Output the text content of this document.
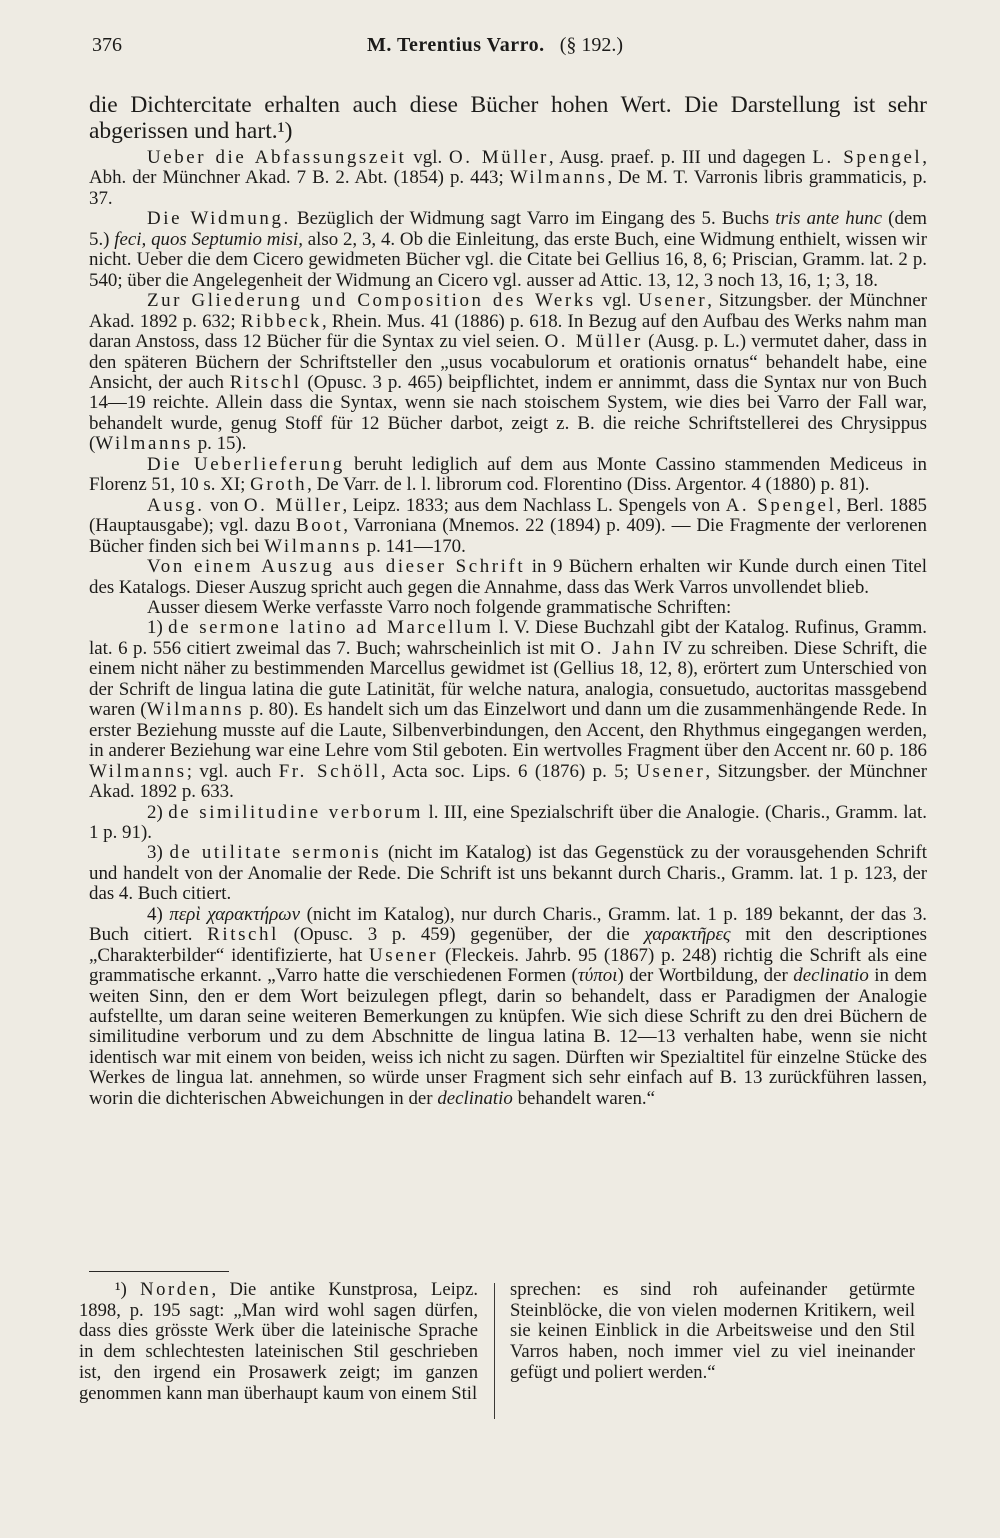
376	M. Terentius Varro. (§ 192.)

die Dichtercitate erhalten auch diese Bücher hohen Wert. Die Darstellung ist sehr abgerissen und hart.¹)

Ueber die Abfassungszeit vgl. O. Müller, Ausg. praef. p. III und dagegen L. Spengel, Abh. der Münchner Akad. 7 B. 2. Abt. (1854) p. 443; Wilmanns, De M. T. Varronis libris grammaticis, p. 37.

Die Widmung. Bezüglich der Widmung sagt Varro im Eingang des 5. Buchs tris ante hunc (dem 5.) feci, quos Septumio misi, also 2, 3, 4. Ob die Einleitung, das erste Buch, eine Widmung enthielt, wissen wir nicht. Ueber die dem Cicero gewidmeten Bücher vgl. die Citate bei Gellius 16, 8, 6; Priscian, Gramm. lat. 2 p. 540; über die Angelegenheit der Widmung an Cicero vgl. ausser ad Attic. 13, 12, 3 noch 13, 16, 1; 3, 18.

Zur Gliederung und Composition des Werks vgl. Usener, Sitzungsber. der Münchner Akad. 1892 p. 632; Ribbeck, Rhein. Mus. 41 (1886) p. 618. In Bezug auf den Aufbau des Werks nahm man daran Anstoss, dass 12 Bücher für die Syntax zu viel seien. O. Müller (Ausg. p. L.) vermutet daher, dass in den späteren Büchern der Schriftsteller den „usus vocabulorum et orationis ornatus“ behandelt habe, eine Ansicht, der auch Ritschl (Opusc. 3 p. 465) beipflichtet, indem er annimmt, dass die Syntax nur von Buch 14—19 reichte. Allein dass die Syntax, wenn sie nach stoischem System, wie dies bei Varro der Fall war, behandelt wurde, genug Stoff für 12 Bücher darbot, zeigt z. B. die reiche Schriftstellerei des Chrysippus (Wilmanns p. 15).

Die Ueberlieferung beruht lediglich auf dem aus Monte Cassino stammenden Mediceus in Florenz 51, 10 s. XI; Groth, De Varr. de l. l. librorum cod. Florentino (Diss. Argentor. 4 (1880) p. 81).

Ausg. von O. Müller, Leipz. 1833; aus dem Nachlass L. Spengels von A. Spengel, Berl. 1885 (Hauptausgabe); vgl. dazu Boot, Varroniana (Mnemos. 22 (1894) p. 409). — Die Fragmente der verlorenen Bücher finden sich bei Wilmanns p. 141—170.

Von einem Auszug aus dieser Schrift in 9 Büchern erhalten wir Kunde durch einen Titel des Katalogs. Dieser Auszug spricht auch gegen die Annahme, dass das Werk Varros unvollendet blieb.

Ausser diesem Werke verfasste Varro noch folgende grammatische Schriften:

1) de sermone latino ad Marcellum l. V. Diese Buchzahl gibt der Katalog. Rufinus, Gramm. lat. 6 p. 556 citiert zweimal das 7. Buch; wahrscheinlich ist mit O. Jahn IV zu schreiben. Diese Schrift, die einem nicht näher zu bestimmenden Marcellus gewidmet ist (Gellius 18, 12, 8), erörtert zum Unterschied von der Schrift de lingua latina die gute Latinität, für welche natura, analogia, consuetudo, auctoritas massgebend waren (Wilmanns p. 80). Es handelt sich um das Einzelwort und dann um die zusammenhängende Rede. In erster Beziehung musste auf die Laute, Silbenverbindungen, den Accent, den Rhythmus eingegangen werden, in anderer Beziehung war eine Lehre vom Stil geboten. Ein wertvolles Fragment über den Accent nr. 60 p. 186 Wilmanns; vgl. auch Fr. Schöll, Acta soc. Lips. 6 (1876) p. 5; Usener, Sitzungsber. der Münchner Akad. 1892 p. 633.

2) de similitudine verborum l. III, eine Spezialschrift über die Analogie. (Charis., Gramm. lat. 1 p. 91).

3) de utilitate sermonis (nicht im Katalog) ist das Gegenstück zu der vorausgehenden Schrift und handelt von der Anomalie der Rede. Die Schrift ist uns bekannt durch Charis., Gramm. lat. 1 p. 123, der das 4. Buch citiert.

4) περὶ χαρακτήρων (nicht im Katalog), nur durch Charis., Gramm. lat. 1 p. 189 bekannt, der das 3. Buch citiert. Ritschl (Opusc. 3 p. 459) gegenüber, der die χαρακτῆρες mit den descriptiones „Charakterbilder“ identifizierte, hat Usener (Fleckeis. Jahrb. 95 (1867) p. 248) richtig die Schrift als eine grammatische erkannt. „Varro hatte die verschiedenen Formen (τύποι) der Wortbildung, der declinatio in dem weiten Sinn, den er dem Wort beizulegen pflegt, darin so behandelt, dass er Paradigmen der Analogie aufstellte, um daran seine weiteren Bemerkungen zu knüpfen. Wie sich diese Schrift zu den drei Büchern de similitudine verborum und zu dem Abschnitte de lingua latina B. 12—13 verhalten habe, wenn sie nicht identisch war mit einem von beiden, weiss ich nicht zu sagen. Dürften wir Spezialtitel für einzelne Stücke des Werkes de lingua lat. annehmen, so würde unser Fragment sich sehr einfach auf B. 13 zurückführen lassen, worin die dichterischen Abweichungen in der declinatio behandelt waren.“

¹) Norden, Die antike Kunstprosa, Leipz. 1898, p. 195 sagt: „Man wird wohl sagen dürfen, dass dies grösste Werk über die lateinische Sprache in dem schlechtesten lateinischen Stil geschrieben ist, den irgend ein Prosawerk zeigt; im ganzen genommen kann man überhaupt kaum von einem Stil

sprechen: es sind roh aufeinander getürmte Steinblöcke, die von vielen modernen Kritikern, weil sie keinen Einblick in die Arbeitsweise und den Stil Varros haben, noch immer viel zu viel ineinander gefügt und poliert werden.“
